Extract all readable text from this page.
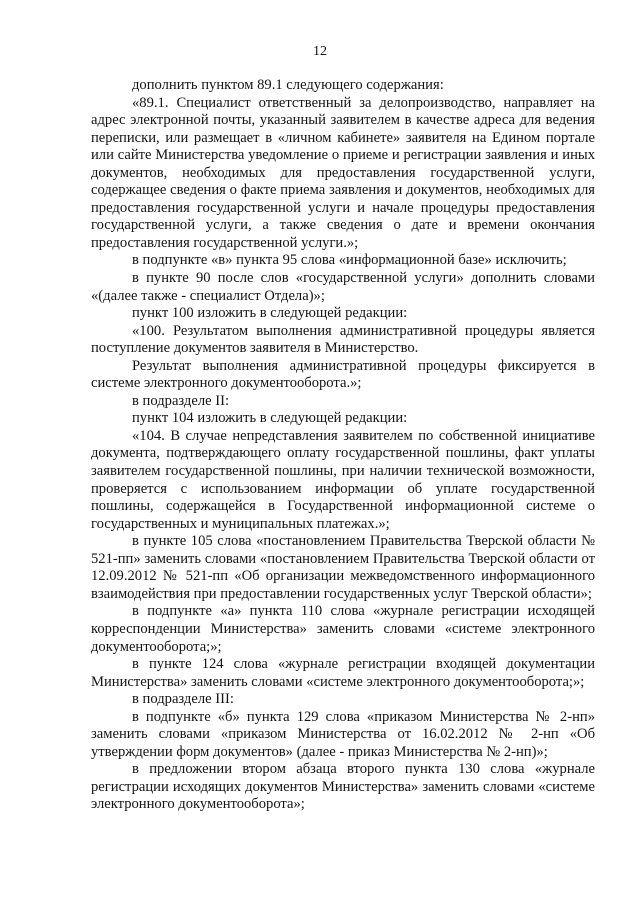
12

дополнить пунктом 89.1 следующего содержания:

«89.1. Специалист ответственный за делопроизводство, направляет на адрес электронной почты, указанный заявителем в качестве адреса для ведения переписки, или размещает в «личном кабинете» заявителя на Едином портале или сайте Министерства уведомление о приеме и регистрации заявления и иных документов, необходимых для предоставления государственной услуги, содержащее сведения о факте приема заявления и документов, необходимых для предоставления государственной услуги и начале процедуры предоставления государственной услуги, а также сведения о дате и времени окончания предоставления государственной услуги.»;

в подпункте «в» пункта 95 слова «информационной базе» исключить;

в пункте 90 после слов «государственной услуги» дополнить словами «(далее также - специалист Отдела)»;

пункт 100 изложить в следующей редакции:

«100. Результатом выполнения административной процедуры является поступление документов заявителя в Министерство.

Результат выполнения административной процедуры фиксируется в системе электронного документооборота.»;

в подразделе II:

пункт 104 изложить в следующей редакции:

«104. В случае непредставления заявителем по собственной инициативе документа, подтверждающего оплату государственной пошлины, факт уплаты заявителем государственной пошлины, при наличии технической возможности, проверяется с использованием информации об уплате государственной пошлины, содержащейся в Государственной информационной системе о государственных и муниципальных платежах.»;

в пункте 105 слова «постановлением Правительства Тверской области № 521-пп» заменить словами «постановлением Правительства Тверской области от 12.09.2012 № 521-пп «Об организации межведомственного информационного взаимодействия при предоставлении государственных услуг Тверской области»;

в подпункте «а» пункта 110 слова «журнале регистрации исходящей корреспонденции Министерства» заменить словами «системе электронного документооборота;»;

в пункте 124 слова «журнале регистрации входящей документации Министерства» заменить словами «системе электронного документооборота;»;

в подразделе III:

в подпункте «б» пункта 129 слова «приказом Министерства № 2-нп» заменить словами «приказом Министерства от 16.02.2012 № 2-нп «Об утверждении форм документов» (далее - приказ Министерства № 2-нп)»;

в предложении втором абзаца второго пункта 130 слова «журнале регистрации исходящих документов Министерства» заменить словами «системе электронного документооборота»;
